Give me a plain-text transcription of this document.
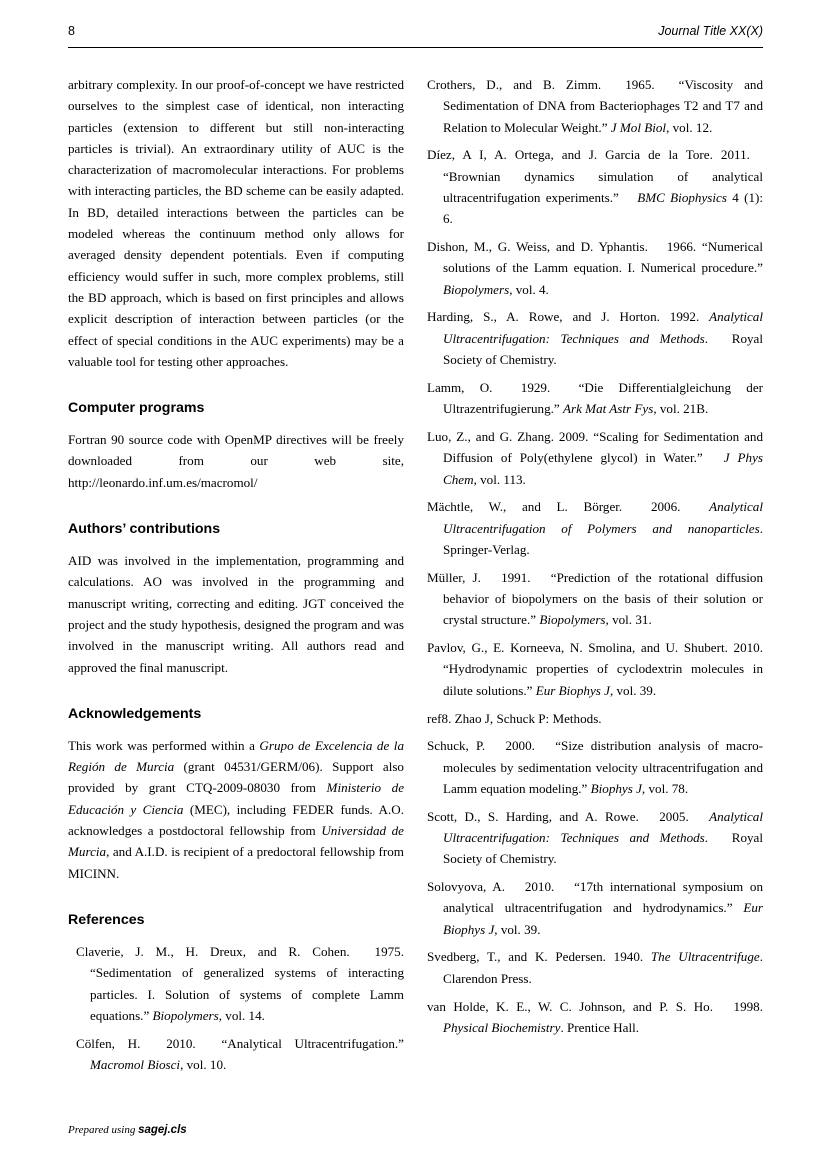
8	Journal Title XX(X)

arbitrary complexity. In our proof-of-concept we have restricted ourselves to the simplest case of identical, non interacting particles (extension to different but still non-interacting particles is trivial). An extraordinary utility of AUC is the characterization of macromolecular interactions. For problems with interacting particles, the BD scheme can be easily adapted. In BD, detailed interactions between the particles can be modeled whereas the continuum method only allows for averaged density dependent potentials. Even if computing efficiency would suffer in such, more complex problems, still the BD approach, which is based on first principles and allows explicit description of interaction between particles (or the effect of special conditions in the AUC experiments) may be a valuable tool for testing other approaches.

Computer programs

Fortran 90 source code with OpenMP directives will be freely downloaded from our web site, http://leonardo.inf.um.es/macromol/

Authors’ contributions

AID was involved in the implementation, programming and calculations. AO was involved in the programming and manuscript writing, correcting and editing. JGT conceived the project and the study hypothesis, designed the program and was involved in the manuscript writing. All authors read and approved the final manuscript.

Acknowledgements

This work was performed within a Grupo de Excelencia de la Región de Murcia (grant 04531/GERM/06). Support also provided by grant CTQ-2009-08030 from Ministerio de Educación y Ciencia (MEC), including FEDER funds. A.O. acknowledges a postdoctoral fellowship from Universidad de Murcia, and A.I.D. is recipient of a predoctoral fellowship from MICINN.

References
Claverie, J. M., H. Dreux, and R. Cohen.  1975. “Sedimentation of generalized systems of interacting particles. I. Solution of systems of complete Lamm equations.” Biopolymers, vol. 14.
Cölfen, H.  2010.  “Analytical Ultracentrifugation.” Macromol Biosci, vol. 10.
Crothers, D., and B. Zimm.  1965.  “Viscosity and Sedimentation of DNA from Bacteriophages T2 and T7 and Relation to Molecular Weight.” J Mol Biol, vol. 12.
Díez, A I, A. Ortega, and J. Garcia de la Tore. 2011.  “Brownian dynamics simulation of analytical ultracentrifugation experiments.”  BMC Biophysics 4 (1): 6.
Dishon, M., G. Weiss, and D. Yphantis.  1966. “Numerical solutions of the Lamm equation. I. Numerical procedure.” Biopolymers, vol. 4.
Harding, S., A. Rowe, and J. Horton. 1992. Analytical Ultracentrifugation: Techniques and Methods.  Royal Society of Chemistry.
Lamm, O.  1929.  “Die Differentialgleichung der Ultrazentrifugierung.” Ark Mat Astr Fys, vol. 21B.
Luo, Z., and G. Zhang. 2009. “Scaling for Sedimentation and Diffusion of Poly(ethylene glycol) in Water.”  J Phys Chem, vol. 113.
Mächtle, W., and L. Börger.  2006.  Analytical Ultracentrifugation of Polymers and nanoparticles. Springer-Verlag.
Müller, J.  1991.  “Prediction of the rotational diffusion behavior of biopolymers on the basis of their solution or crystal structure.” Biopolymers, vol. 31.
Pavlov, G., E. Korneeva, N. Smolina, and U. Shubert. 2010. “Hydrodynamic properties of cyclodextrin molecules in dilute solutions.” Eur Biophys J, vol. 39.
ref8. Zhao J, Schuck P: Methods.
Schuck, P.  2000.  “Size distribution analysis of macro-molecules by sedimentation velocity ultracentrifugation and Lamm equation modeling.” Biophys J, vol. 78.
Scott, D., S. Harding, and A. Rowe.  2005.  Analytical Ultracentrifugation: Techniques and Methods.  Royal Society of Chemistry.
Solovyova, A.  2010.  “17th international symposium on analytical ultracentrifugation and hydrodynamics.” Eur Biophys J, vol. 39.
Svedberg, T., and K. Pedersen. 1940. The Ultracentrifuge. Clarendon Press.
van Holde, K. E., W. C. Johnson, and P. S. Ho.  1998. Physical Biochemistry. Prentice Hall.
Prepared using sagej.cls
